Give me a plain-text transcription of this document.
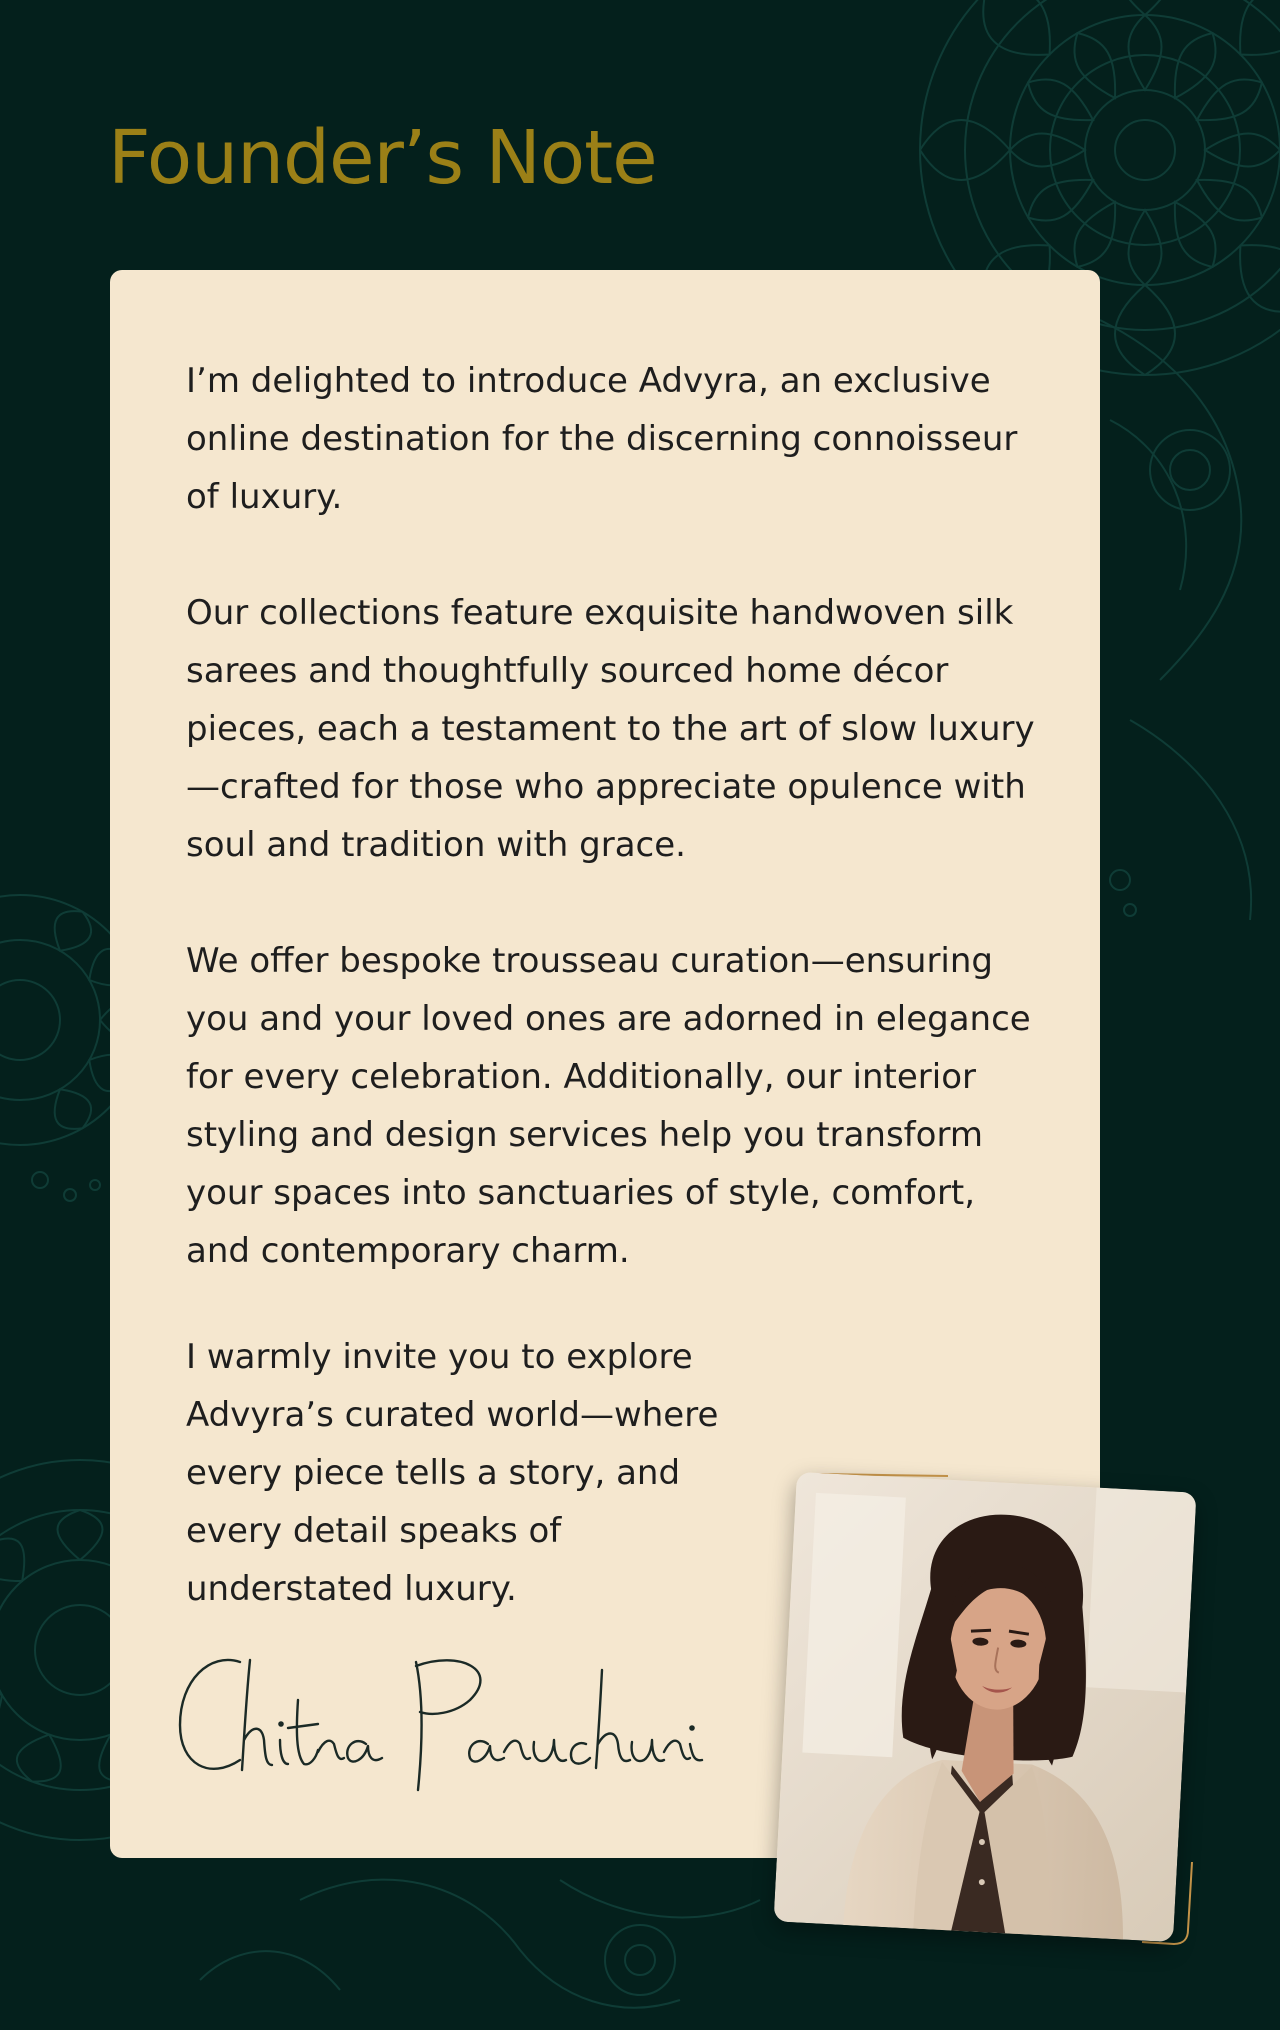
Founder’s Note

I’m delighted to introduce Advyra, an exclusive online destination for the discerning connoisseur of luxury.

Our collections feature exquisite handwoven silk sarees and thoughtfully sourced home décor pieces, each a testament to the art of slow luxury—crafted for those who appreciate opulence with soul and tradition with grace.

We offer bespoke trousseau curation—ensuring you and your loved ones are adorned in elegance for every celebration. Additionally, our interior styling and design services help you transform your spaces into sanctuaries of style, comfort, and contemporary charm.

I warmly invite you to explore Advyra’s curated world—where every piece tells a story, and every detail speaks of understated luxury.
